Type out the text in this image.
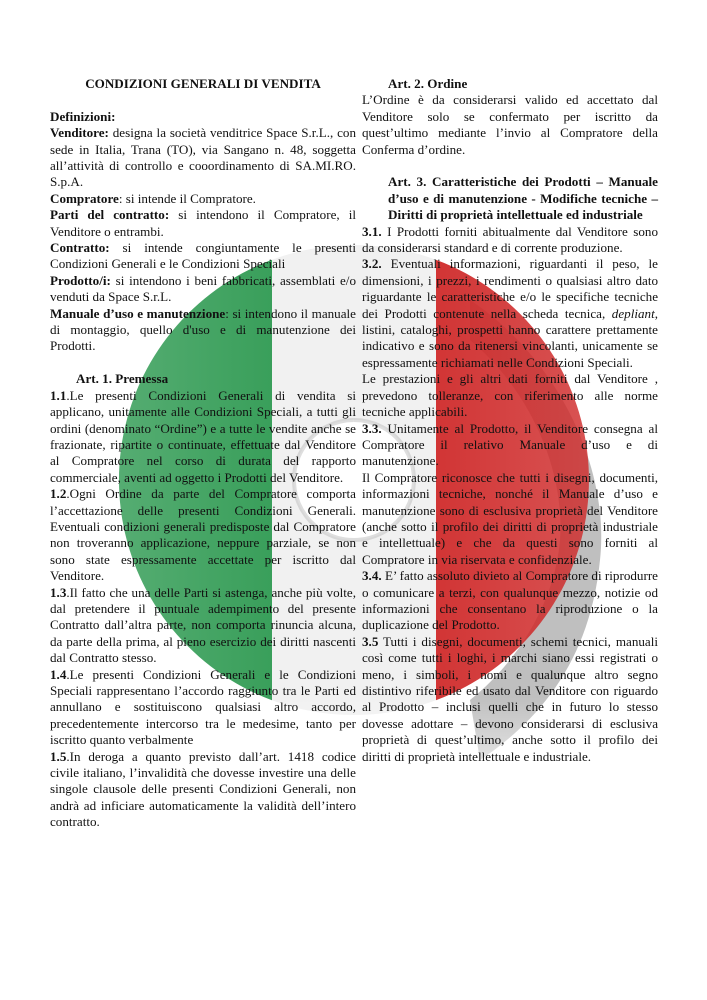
CONDIZIONI GENERALI DI VENDITA

Definizioni:

Venditore: designa la società venditrice Space S.r.L., con sede in Italia, Trana (TO), via Sangano n. 48, soggetta all’attività di controllo e cooordinamento di SA.MI.RO. S.p.A.

Compratore: si intende il Compratore.

Parti del contratto: si intendono il Compratore, il Venditore o entrambi.

Contratto: si intende congiuntamente le presenti Condizioni Generali e le Condizioni Speciali

Prodotto/i: si intendono i beni fabbricati, assemblati e/o venduti da Space S.r.L.

Manuale d’uso e manutenzione: si intendono il manuale di montaggio, quello d'uso e di manutenzione dei Prodotti.

Art. 1. Premessa

1.1.Le presenti Condizioni Generali di vendita si applicano, unitamente alle Condizioni Speciali, a tutti gli ordini (denominato “Ordine”) e a tutte le vendite anche se frazionate, ripartite o continuate, effettuate dal Venditore al Compratore nel corso di durata del rapporto commerciale, aventi ad oggetto i Prodotti del Venditore.

1.2.Ogni Ordine da parte del Compratore comporta l’accettazione delle presenti Condizioni Generali. Eventuali condizioni generali predisposte dal Compratore non troveranno applicazione, neppure parziale, se non sono state espressamente accettate per iscritto dal Venditore.

1.3.Il fatto che una delle Parti si astenga, anche più volte, dal pretendere il puntuale adempimento del presente Contratto dall’altra parte, non comporta rinuncia alcuna, da parte della prima, al pieno esercizio dei diritti nascenti dal Contratto stesso.

1.4.Le presenti Condizioni Generali e le Condizioni Speciali rappresentano l’accordo raggiunto tra le Parti ed annullano e sostituiscono qualsiasi altro accordo, precedentemente intercorso tra le medesime, tanto per iscritto quanto verbalmente

1.5.In deroga a quanto previsto dall’art. 1418 codice civile italiano, l’invalidità che dovesse investire una delle singole clausole delle presenti Condizioni Generali, non andrà ad inficiare automaticamente la validità dell’intero contratto.

Art. 2. Ordine

L’Ordine è da considerarsi valido ed accettato dal Venditore solo se confermato per iscritto da quest’ultimo mediante l’invio al Compratore della Conferma d’ordine.

Art. 3. Caratteristiche dei Prodotti – Manuale d’uso e di manutenzione - Modifiche tecniche – Diritti di proprietà intellettuale ed industriale

3.1. I Prodotti forniti abitualmente dal Venditore sono da considerarsi standard e di corrente produzione.

3.2. Eventuali informazioni, riguardanti il peso, le dimensioni, i prezzi, i rendimenti o qualsiasi altro dato riguardante le caratteristiche e/o le specifiche tecniche dei Prodotti contenute nella scheda tecnica, depliant, listini, cataloghi, prospetti hanno carattere prettamente indicativo e sono da ritenersi vincolanti, unicamente se espressamente richiamati nelle Condizioni Speciali.

Le prestazioni e gli altri dati forniti dal Venditore , prevedono tolleranze, con riferimento alle norme tecniche applicabili.

3.3. Unitamente al Prodotto, il Venditore consegna al Compratore il relativo Manuale d’uso e di manutenzione.

Il Compratore riconosce che tutti i disegni, documenti, informazioni tecniche, nonché il Manuale d’uso e manutenzione sono di esclusiva proprietà del Venditore (anche sotto il profilo dei diritti di proprietà industriale e intellettuale) e che da questi sono forniti al Compratore in via riservata e confidenziale.

3.4. E’ fatto assoluto divieto al Compratore di riprodurre o comunicare a terzi, con qualunque mezzo, notizie od informazioni che consentano la riproduzione o la duplicazione del Prodotto.

3.5 Tutti i disegni, documenti, schemi tecnici, manuali così come tutti i loghi, i marchi siano essi registrati o meno, i simboli, i nomi e qualunque altro segno distintivo riferibile ed usato dal Venditore con riguardo al Prodotto – inclusi quelli che in futuro lo stesso dovesse adottare – devono considerarsi di esclusiva proprietà di quest’ultimo, anche sotto il profilo dei diritti di proprietà intellettuale e industriale.
